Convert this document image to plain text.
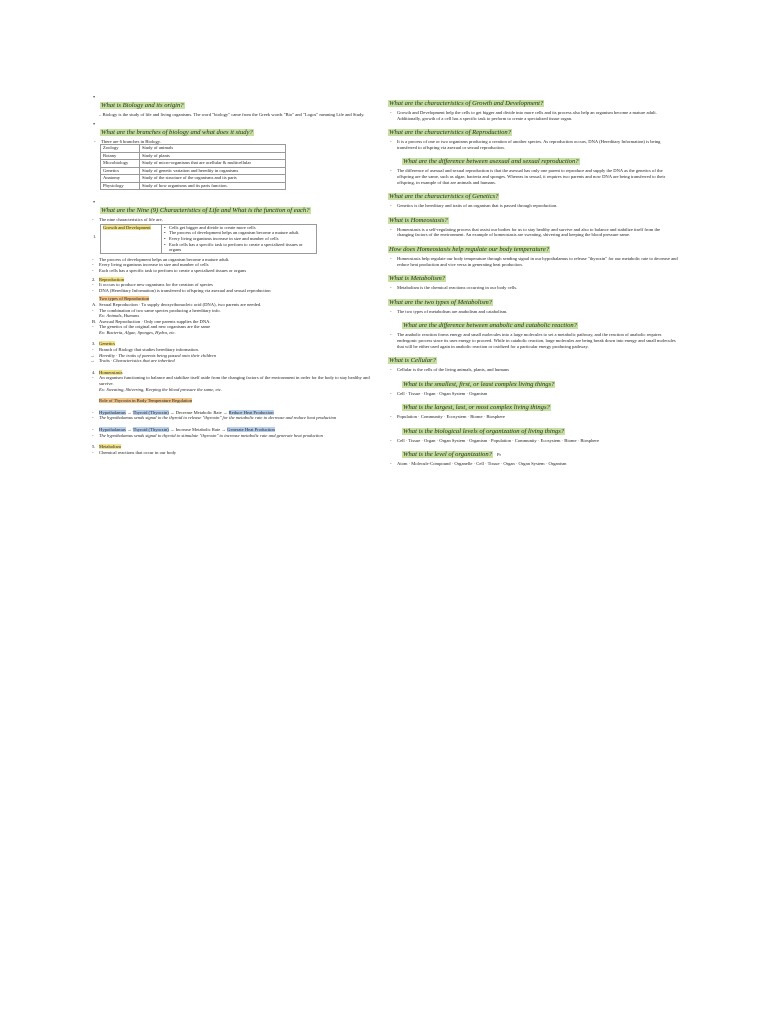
• What is Biology and its origin?
– Biology is the study of life and living organisms. The word "biology" came from the Greek words "Bio" and "Logos" meaning Life and Study.
• What are the branches of biology and what does it study?
- There are 6 branches in Biology.
Zoology	Study of animals
Botany	Study of plants
Microbiology	Study of micro-organisms that are acellular & multicellular
Genetics	Study of genetic variation and heredity in organisms
Anatomy	Study of the structure of the organisms and its parts
Physiology	Study of how organisms and its parts function.
• What are the Nine (9) Characteristics of Life and What is the function of each?
- The nine characteristics of life are,
1.
Growth and Development	• Cells get bigger and divide to create more cells
• The process of development helps an organism become a mature adult.
• Every living organisms increase in size and number of cells
• Each cells has a specific task to perform to create a specialized tissues or organs
- The process of development helps an organism become a mature adult.
- Every living organisms increase in size and number of cells
- Each cells has a specific task to perform to create a specialized tissues or organs
2. Reproduction
- It occurs to produce new organisms for the creation of species
- DNA (Hereditary Information) is transferred to offspring via asexual and sexual reproduction
Two types of Reproduction
A. Sexual Reproduction · To supply deoxyribonucleic acid (DNA), two parents are needed.
- The combination of two same species producing a hereditary info.
Ex: Animals, Humans
B. Asexual Reproduction · Only one parents supplies the DNA.
- The genetics of the original and new organisms are the same
Ex: Bacteria, Algae, Sponges, Hydra, etc.
3. Genetics
- Branch of Biology that studies hereditary information.
→ Heredity · The traits of parents being passed onto their children
→ Traits · Characteristics that are inherited
4. Homeostasis
- An organism functioning to balance and stabilize itself aside from the changing factors of the environment in order for the body to stay healthy and survive.
Ex: Sweating, Shivering, Keeping the blood pressure the same, etc.
Role of Thyroxin in Body Temperature Regulation
- Hypothalamus → Thyroid (Thyroxin) → Decrease Metabolic Rate → Reduce Heat Production
- The hypothalamus sends signal to the thyroid to release "thyroxin" for the metabolic rate to decrease and reduce heat production
- Hypothalamus → Thyroid (Thyroxin) → Increase Metabolic Rate → Generate Heat Production
- The hypothalamus sends signal to thyroid to stimulate "thyroxin" to increase metabolic rate and generate heat production
5. Metabolism
- Chemical reactions that occur in our body
What are the characteristics of Growth and Development?
- Growth and Development help the cells to get bigger and divide into more cells and its process also help an organism become a mature adult. Additionally, growth of a cell has a specific task to perform to create a specialized tissue organ.
What are the characteristics of Reproduction?
- It is a process of one or two organisms producing a creation of another species. As reproduction occurs, DNA (Hereditary Information) is being transferred to offspring via asexual or sexual reproduction.
What are the difference between asexual and sexual reproduction?
- The difference of asexual and sexual reproduction is that the asexual has only one parent to reproduce and supply the DNA as the genetics of the offspring are the same, such as algae, bacteria and sponges. Whereas in sexual, it requires two parents and now DNA are being transferred to their offspring, in example of that are animals and humans.
What are the characteristics of Genetics?
- Genetics is the hereditary and traits of an organism that is passed through reproduction.
What is Homeostasis?
- Homeostasis is a self-regulating process that assist our bodies for us to stay healthy and survive and also to balance and stabilize itself from the changing factors of the environment. An example of homeostasis are sweating, shivering and keeping the blood pressure same.
How does Homeostasis help regulate our body temperature?
- Homeostasis help regulate our body temperature through sending signal in our hypothalamus to release "thyroxin" for our metabolic rate to decrease and reduce heat production and vice versa in generating heat production.
What is Metabolism?
- Metabolism is the chemical reactions occurring in our body cells.
What are the two types of Metabolism?
- The two types of metabolism are anabolism and catabolism.
What are the difference between anabolic and catabolic reaction?
- The anabolic reaction forms energy and small molecules into a large molecules to set a metabolic pathway, and the reaction of anabolic requires endergonic process since its uses energy to proceed. While in catabolic reaction, large molecules are being break down into energy and small molecules that will be either used again in anabolic reaction or oxidized for a particular energy producing pathway.
What is Cellular?
- Cellular is the cells of the living animals, plants, and humans
What is the smallest, first, or least complex living things?
- Cell · Tissue · Organ · Organ System · Organism
What is the largest, last, or most complex living things?
- Population · Community · Ecosystem · Biome · Biosphere
What is the biological levels of organization of living things?
- Cell · Tissue · Organ · Organ System · Organism · Population · Community · Ecosystem · Biome · Biosphere
What is the level of organization? Pr
- Atom · Molecule·Compound · Organelle · Cell · Tissue · Organ · Organ System · Organism
